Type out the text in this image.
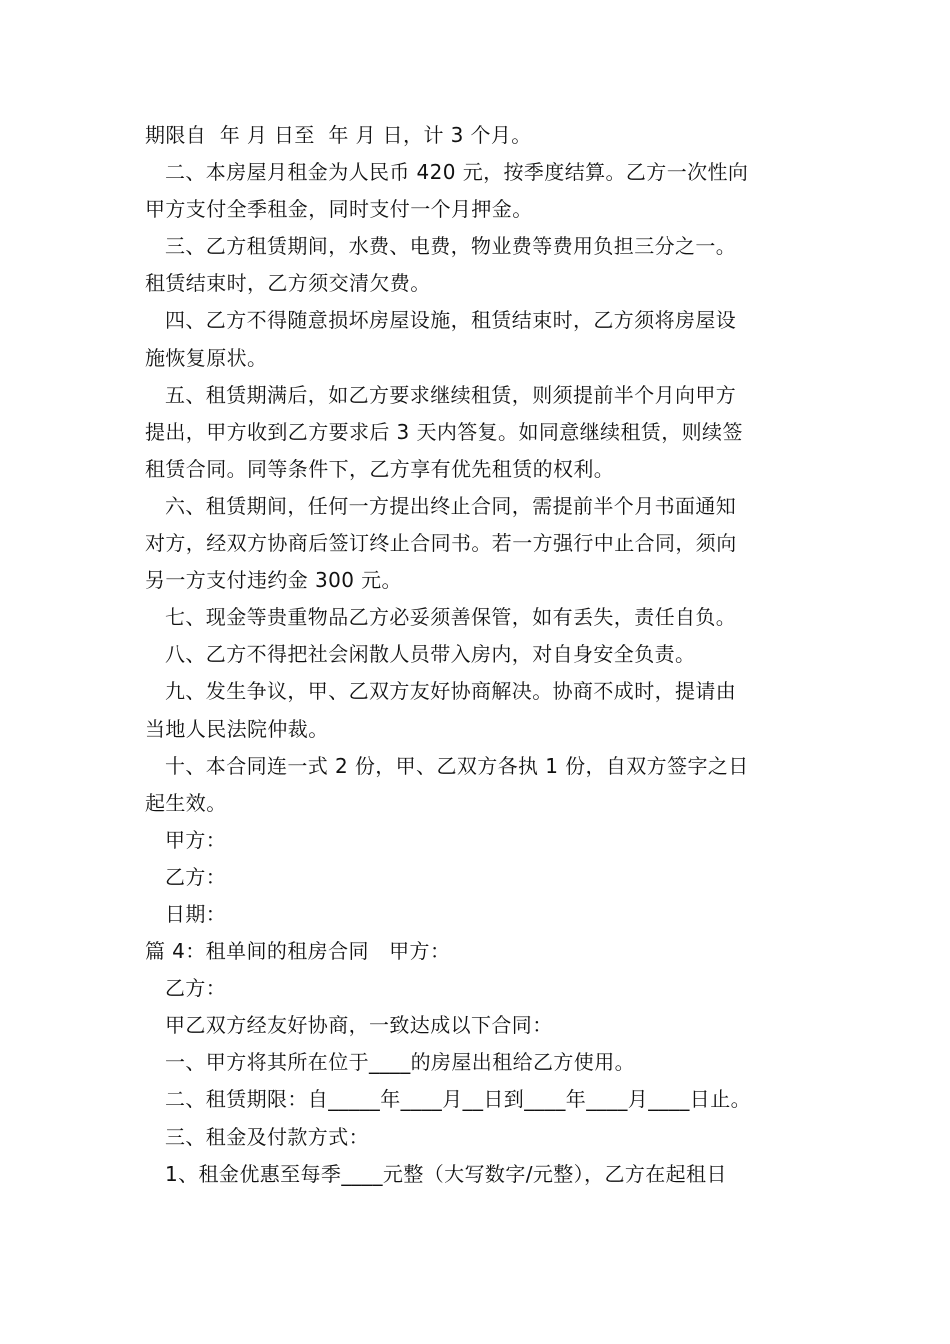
期限自  年 月 日至  年 月 日，计 3 个月。
二、本房屋月租金为人民币 420 元，按季度结算。乙方一次性向
甲方支付全季租金，同时支付一个月押金。
三、乙方租赁期间，水费、电费，物业费等费用负担三分之一。
租赁结束时，乙方须交清欠费。
四、乙方不得随意损坏房屋设施，租赁结束时，乙方须将房屋设
施恢复原状。
五、租赁期满后，如乙方要求继续租赁，则须提前半个月向甲方
提出，甲方收到乙方要求后 3 天内答复。如同意继续租赁，则续签
租赁合同。同等条件下，乙方享有优先租赁的权利。
六、租赁期间，任何一方提出终止合同，需提前半个月书面通知
对方，经双方协商后签订终止合同书。若一方强行中止合同，须向
另一方支付违约金 300 元。
七、现金等贵重物品乙方必妥须善保管，如有丢失，责任自负。
八、乙方不得把社会闲散人员带入房内，对自身安全负责。
九、发生争议，甲、乙双方友好协商解决。协商不成时，提请由
当地人民法院仲裁。
十、本合同连一式 2 份，甲、乙双方各执 1 份，自双方签字之日
起生效。
甲方：
乙方：
日期：
篇 4：租单间的租房合同   甲方：
乙方：
甲乙双方经友好协商，一致达成以下合同：
一、甲方将其所在位于____的房屋出租给乙方使用。
二、租赁期限：自_____年____月__日到____年____月____日止。
三、租金及付款方式：
1、租金优惠至每季____元整（大写数字/元整），乙方在起租日
